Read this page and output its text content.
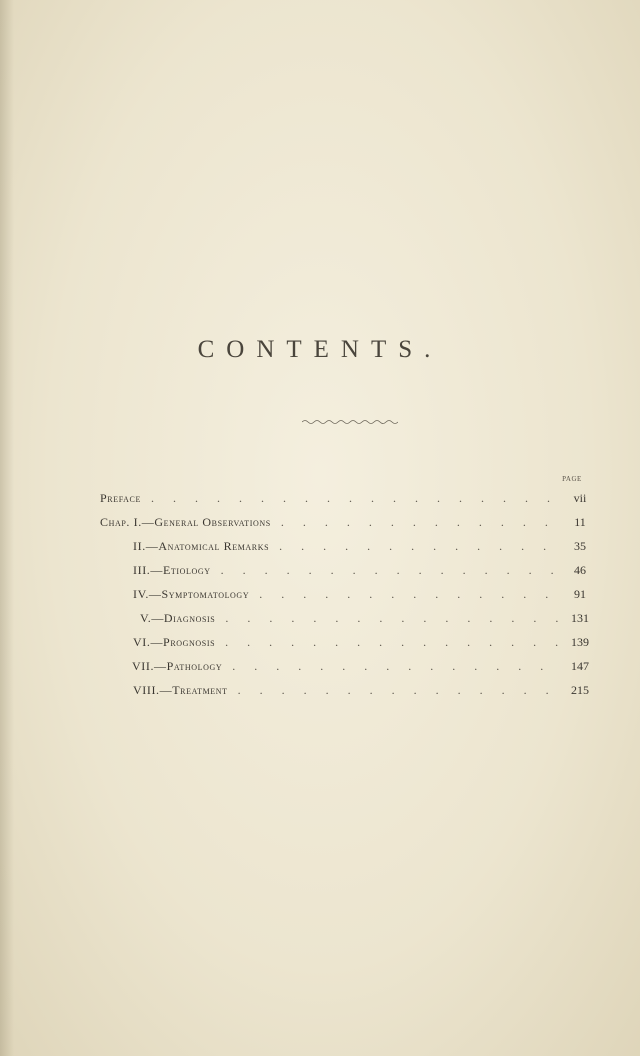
CONTENTS.
PAGE
Preface . . .	vii
Chap. I.—General Observations . . .	11
II.—Anatomical Remarks . . .	35
III.—Etiology . . .	46
IV.—Symptomatology . . .	91
V.—Diagnosis . . .	131
VI.—Prognosis . . .	139
VII.—Pathology . . .	147
VIII.—Treatment . . .	215
